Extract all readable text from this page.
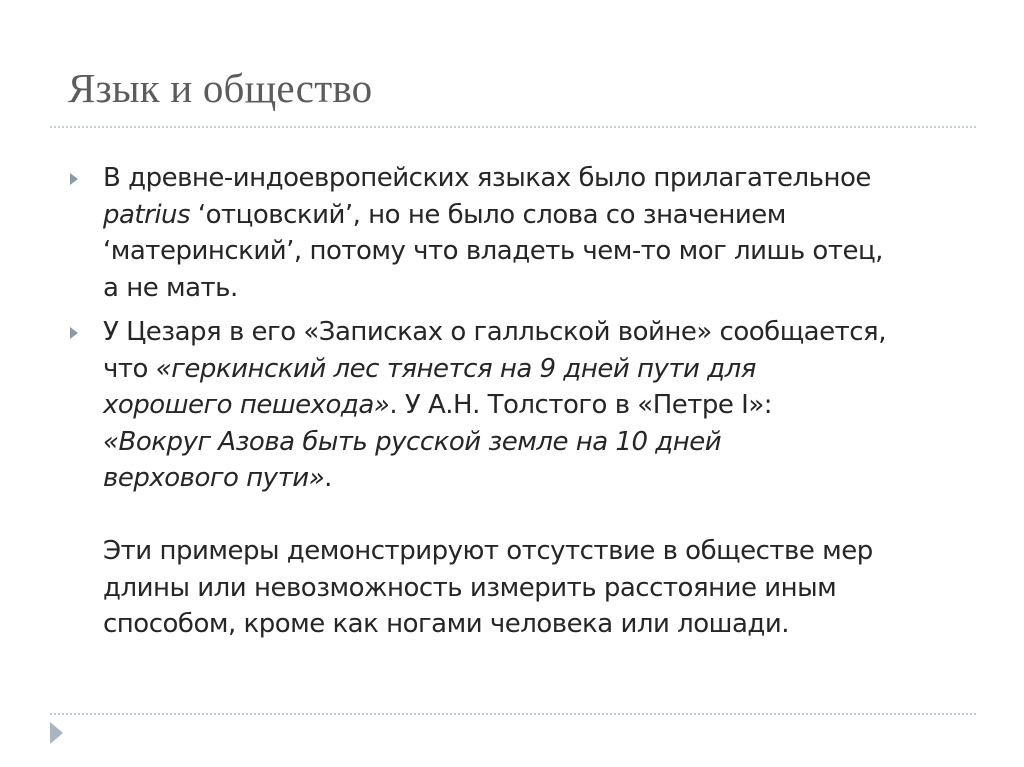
Язык и общество
В древне-индоевропейских языках было прилагательное
patrius ‘отцовский’, но не было слова со значением
‘материнский’, потому что владеть чем-то мог лишь отец,
а не мать.
У Цезаря в его «Записках о галльской войне» сообщается,
что «геркинский лес тянется на 9 дней пути для
хорошего пешехода». У А.Н. Толстого в «Петре I»:
«Вокруг Азова быть русской земле на 10 дней
верхового пути».
Эти примеры демонстрируют отсутствие в обществе мер
длины или невозможность измерить расстояние иным
способом, кроме как ногами человека или лошади.
